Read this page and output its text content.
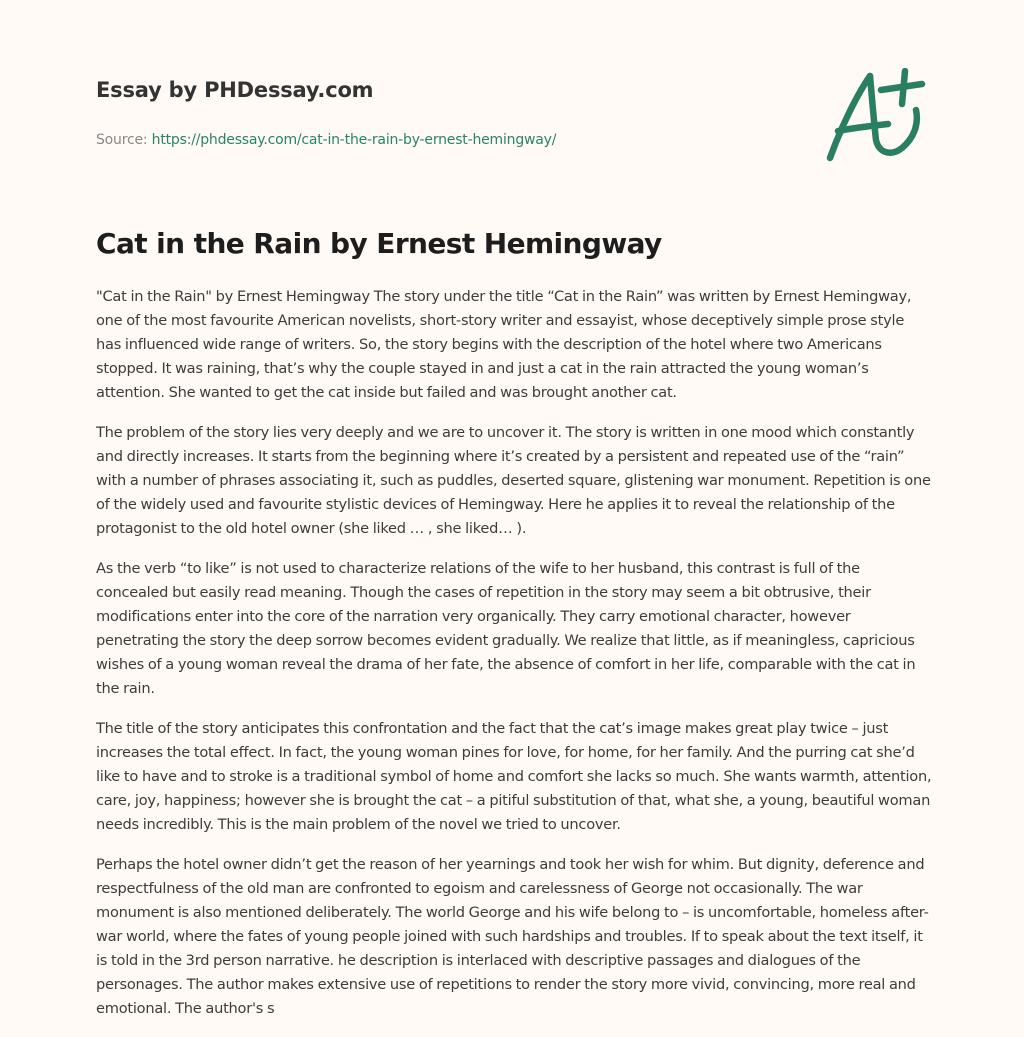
Essay by PHDessay.com
Source: https://phdessay.com/cat-in-the-rain-by-ernest-hemingway/
Cat in the Rain by Ernest Hemingway

"Cat in the Rain" by Ernest Hemingway The story under the title “Cat in the Rain” was written by Ernest Hemingway, one of the most favourite American novelists, short-story writer and essayist, whose deceptively simple prose style has influenced wide range of writers. So, the story begins with the description of the hotel where two Americans stopped. It was raining, that’s why the couple stayed in and just a cat in the rain attracted the young woman’s attention. She wanted to get the cat inside but failed and was brought another cat.

The problem of the story lies very deeply and we are to uncover it. The story is written in one mood which constantly and directly increases. It starts from the beginning where it’s created by a persistent and repeated use of the “rain” with a number of phrases associating it, such as puddles, deserted square, glistening war monument. Repetition is one of the widely used and favourite stylistic devices of Hemingway. Here he applies it to reveal the relationship of the protagonist to the old hotel owner (she liked … , she liked… ).

As the verb “to like” is not used to characterize relations of the wife to her husband, this contrast is full of the concealed but easily read meaning. Though the cases of repetition in the story may seem a bit obtrusive, their modifications enter into the core of the narration very organically. They carry emotional character, however penetrating the story the deep sorrow becomes evident gradually. We realize that little, as if meaningless, capricious wishes of a young woman reveal the drama of her fate, the absence of comfort in her life, comparable with the cat in the rain.

The title of the story anticipates this confrontation and the fact that the cat’s image makes great play twice – just increases the total effect. In fact, the young woman pines for love, for home, for her family. And the purring cat she’d like to have and to stroke is a traditional symbol of home and comfort she lacks so much. She wants warmth, attention, care, joy, happiness; however she is brought the cat – a pitiful substitution of that, what she, a young, beautiful woman needs incredibly. This is the main problem of the novel we tried to uncover.

Perhaps the hotel owner didn’t get the reason of her yearnings and took her wish for whim. But dignity, deference and respectfulness of the old man are confronted to egoism and carelessness of George not occasionally. The war monument is also mentioned deliberately. The world George and his wife belong to – is uncomfortable, homeless after-war world, where the fates of young people joined with such hardships and troubles. If to speak about the text itself, it is told in the 3rd person narrative. he description is interlaced with descriptive passages and dialogues of the personages. The author makes extensive use of repetitions to render the story more vivid, convincing, more real and emotional. The author's s
